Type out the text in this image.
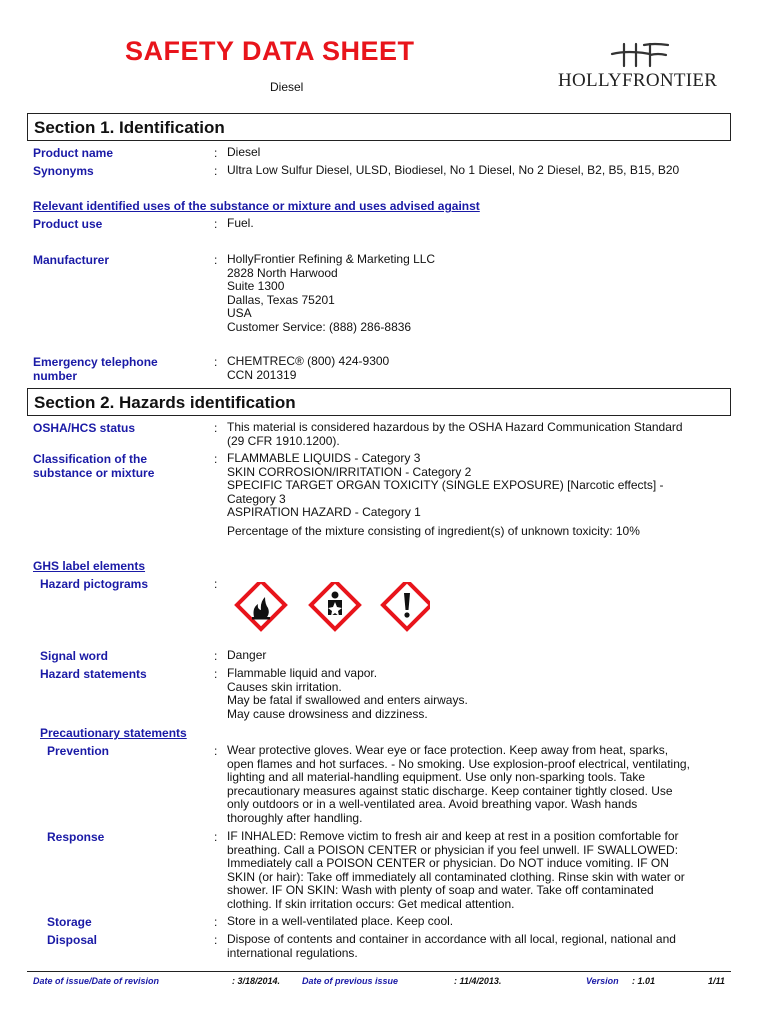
SAFETY DATA SHEET
Diesel	HOLLYFRONTIER
Section 1. Identification
Product name	: Diesel
Synonyms	: Ultra Low Sulfur Diesel, ULSD, Biodiesel, No 1 Diesel, No 2 Diesel, B2, B5, B15, B20
Relevant identified uses of the substance or mixture and uses advised against
Product use	: Fuel.
Manufacturer	: HollyFrontier Refining & Marketing LLC
2828 North Harwood
Suite 1300
Dallas, Texas 75201
USA
Customer Service: (888) 286-8836
Emergency telephone
number
: CHEMTREC® (800) 424-9300
CCN 201319
Section 2. Hazards identification
OSHA/HCS status	: This material is considered hazardous by the OSHA Hazard Communication Standard
(29 CFR 1910.1200).
Classification of the
substance or mixture
: FLAMMABLE LIQUIDS - Category 3
SKIN CORROSION/IRRITATION - Category 2
SPECIFIC TARGET ORGAN TOXICITY (SINGLE EXPOSURE) [Narcotic effects] -
Category 3
ASPIRATION HAZARD - Category 1
Percentage of the mixture consisting of ingredient(s) of unknown toxicity: 10%
GHS label elements
Hazard pictograms	:
Signal word	: Danger
Hazard statements	: Flammable liquid and vapor.
Causes skin irritation.
May be fatal if swallowed and enters airways.
May cause drowsiness and dizziness.
Precautionary statements
Prevention	: Wear protective gloves. Wear eye or face protection. Keep away from heat, sparks,
open flames and hot surfaces. - No smoking. Use explosion-proof electrical, ventilating,
lighting and all material-handling equipment. Use only non-sparking tools. Take
precautionary measures against static discharge. Keep container tightly closed. Use
only outdoors or in a well-ventilated area. Avoid breathing vapor. Wash hands
thoroughly after handling.
Response	: IF INHALED: Remove victim to fresh air and keep at rest in a position comfortable for
breathing. Call a POISON CENTER or physician if you feel unwell. IF SWALLOWED:
Immediately call a POISON CENTER or physician. Do NOT induce vomiting. IF ON
SKIN (or hair): Take off immediately all contaminated clothing. Rinse skin with water or
shower. IF ON SKIN: Wash with plenty of soap and water. Take off contaminated
clothing. If skin irritation occurs: Get medical attention.
Storage	: Store in a well-ventilated place. Keep cool.
Disposal	: Dispose of contents and container in accordance with all local, regional, national and
international regulations.
Date of issue/Date of revision	: 3/18/2014. Date of previous issue	: 11/4/2013.	Version : 1.01	1/11
